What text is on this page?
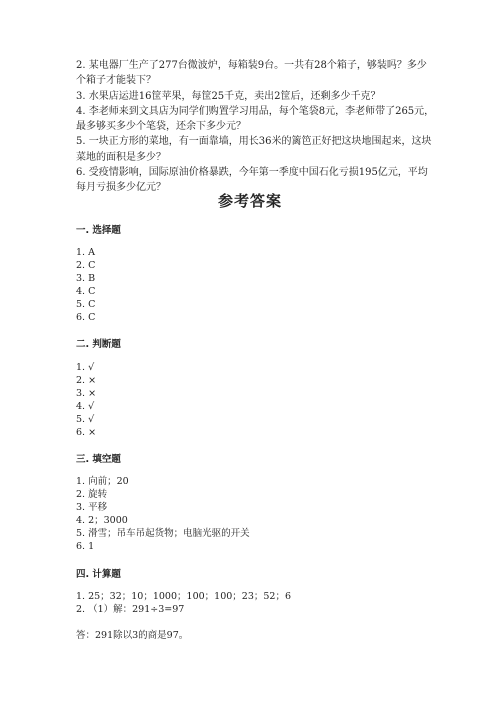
2. 某电器厂生产了277台微波炉，每箱装9台。一共有28个箱子，够装吗？多少个箱子才能装下？

3. 水果店运进16筐苹果，每筐25千克，卖出2筐后，还剩多少千克？

4. 李老师来到文具店为同学们购置学习用品，每个笔袋8元，李老师带了265元，最多够买多少个笔袋，还余下多少元？

5. 一块正方形的菜地，有一面靠墙，用长36米的篱笆正好把这块地围起来，这块菜地的面积是多少？

6. 受疫情影响，国际原油价格暴跌，今年第一季度中国石化亏损195亿元，平均每月亏损多少亿元？

参考答案
一. 选择题
1. A
2. C
3. B
4. C
5. C
6. C
二. 判断题
1. √
2. ×
3. ×
4. √
5. √
6. ×
三. 填空题
1. 向前；20
2. 旋转
3. 平移
4. 2；3000
5. 滑雪；吊车吊起货物；电脑光驱的开关
6. 1
四. 计算题
1. 25；32；10；1000；100；100；23；52；6
2. （1）解：291÷3=97
答：291除以3的商是97。
